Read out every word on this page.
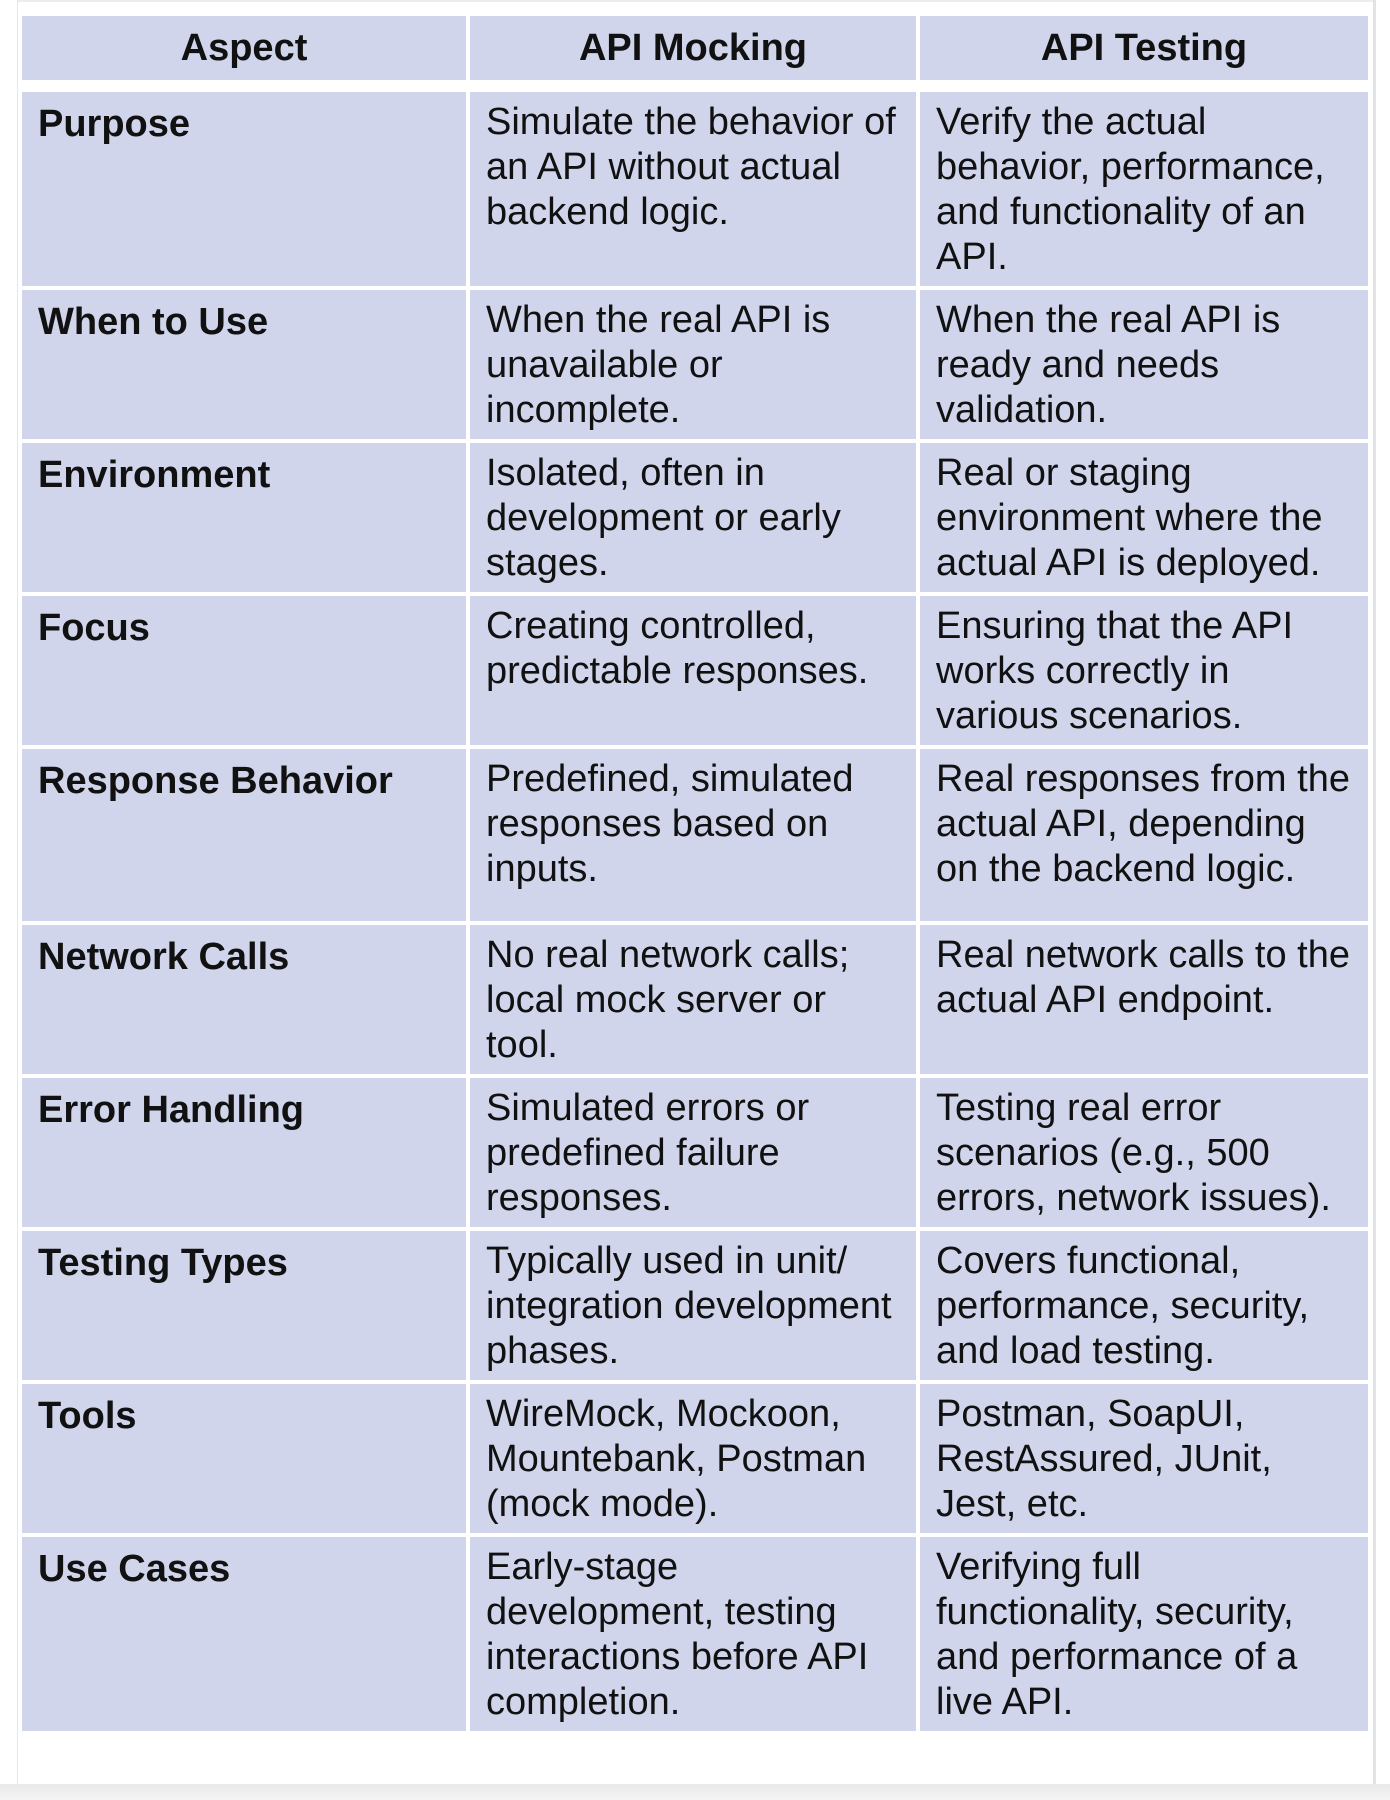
Aspect	API Mocking	API Testing
Purpose	Simulate the behavior of an API without actual backend logic.	Verify the actual behavior, performance, and functionality of an API.
When to Use	When the real API is unavailable or incomplete.	When the real API is ready and needs validation.
Environment	Isolated, often in development or early stages.	Real or staging environment where the actual API is deployed.
Focus	Creating controlled, predictable responses.	Ensuring that the API works correctly in various scenarios.
Response Behavior	Predefined, simulated responses based on inputs.	Real responses from the actual API, depending on the backend logic.
Network Calls	No real network calls; local mock server or tool.	Real network calls to the actual API endpoint.
Error Handling	Simulated errors or predefined failure responses.	Testing real error scenarios (e.g., 500 errors, network issues).
Testing Types	Typically used in unit/ integration development phases.	Covers functional, performance, security, and load testing.
Tools	WireMock, Mockoon, Mountebank, Postman (mock mode).	Postman, SoapUI, RestAssured, JUnit, Jest, etc.
Use Cases	Early-stage development, testing interactions before API completion.	Verifying full functionality, security, and performance of a live API.
